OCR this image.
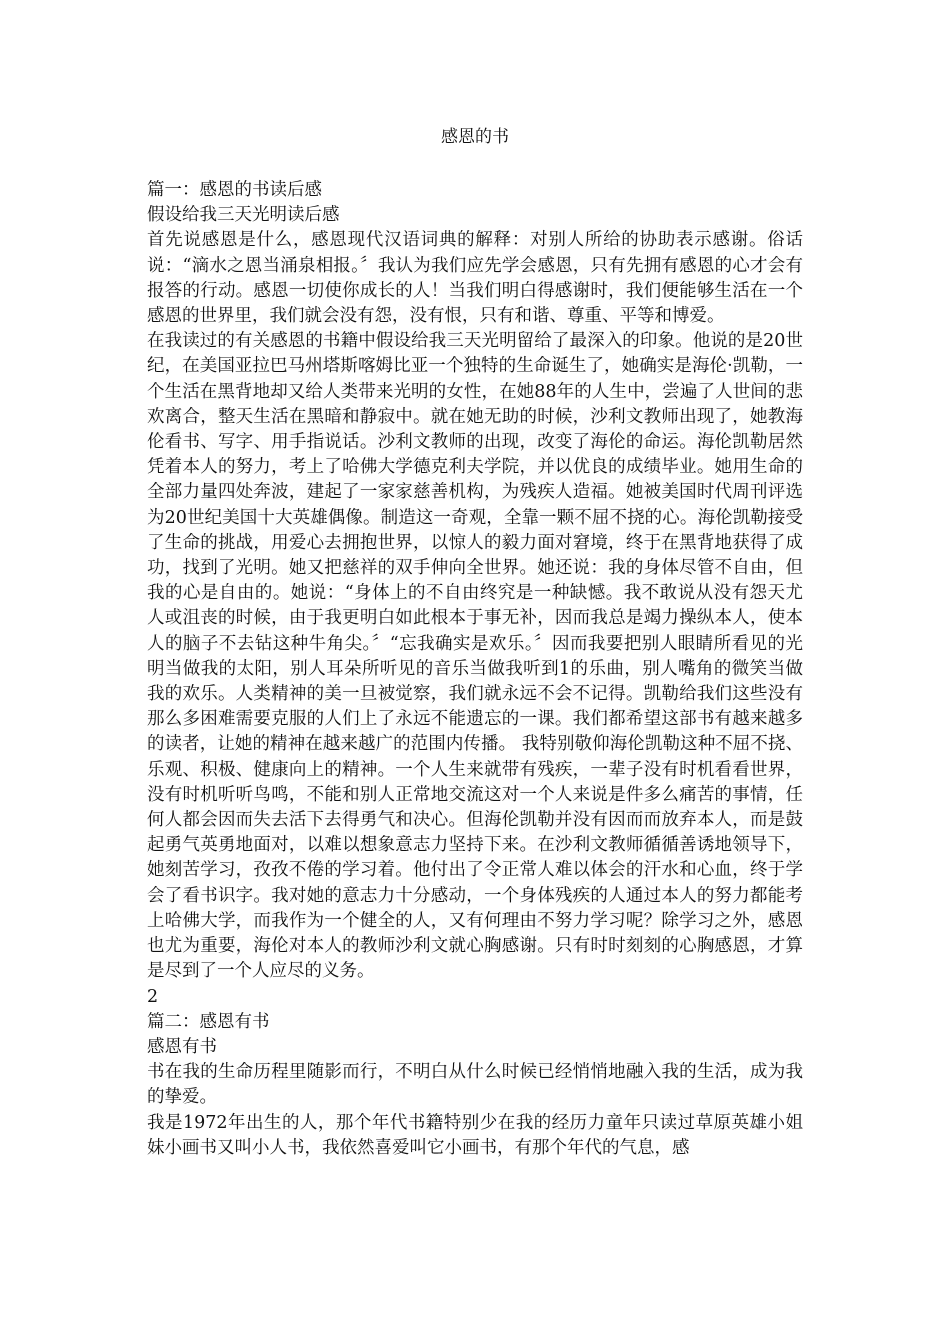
感恩的书

篇一：感恩的书读后感

假设给我三天光明读后感

首先说感恩是什么，感恩现代汉语词典的解释：对别人所给的协助表示感谢。俗话说：“滴水之恩当涌泉相报。〞我认为我们应先学会感恩，只有先拥有感恩的心才会有报答的行动。感恩一切使你成长的人！当我们明白得感谢时，我们便能够生活在一个感恩的世界里，我们就会没有怨，没有恨，只有和谐、尊重、平等和博爱。

在我读过的有关感恩的书籍中假设给我三天光明留给了最深入的印象。他说的是20世纪，在美国亚拉巴马州塔斯喀姆比亚一个独特的生命诞生了，她确实是海伦·凯勒，一个生活在黑背地却又给人类带来光明的女性，在她88年的人生中，尝遍了人世间的悲欢离合，整天生活在黑暗和静寂中。就在她无助的时候，沙利文教师出现了，她教海伦看书、写字、用手指说话。沙利文教师的出现，改变了海伦的命运。海伦凯勒居然凭着本人的努力，考上了哈佛大学德克利夫学院，并以优良的成绩毕业。她用生命的全部力量四处奔波，建起了一家家慈善机构，为残疾人造福。她被美国时代周刊评选为20世纪美国十大英雄偶像。制造这一奇观，全靠一颗不屈不挠的心。海伦凯勒接受了生命的挑战，用爱心去拥抱世界，以惊人的毅力面对窘境，终于在黑背地获得了成功，找到了光明。她又把慈祥的双手伸向全世界。她还说：我的身体尽管不自由，但我的心是自由的。她说：“身体上的不自由终究是一种缺憾。我不敢说从没有怨天尤人或沮丧的时候，由于我更明白如此根本于事无补，因而我总是竭力操纵本人，使本人的脑子不去钻这种牛角尖。〞“忘我确实是欢乐。〞因而我要把别人眼睛所看见的光明当做我的太阳，别人耳朵所听见的音乐当做我听到1的乐曲，别人嘴角的微笑当做我的欢乐。人类精神的美一旦被觉察，我们就永远不会不记得。凯勒给我们这些没有那么多困难需要克服的人们上了永远不能遗忘的一课。我们都希望这部书有越来越多的读者，让她的精神在越来越广的范围内传播。 我特别敬仰海伦凯勒这种不屈不挠、乐观、积极、健康向上的精神。一个人生来就带有残疾，一辈子没有时机看看世界，没有时机听听鸟鸣，不能和别人正常地交流这对一个人来说是件多么痛苦的事情，任何人都会因而失去活下去得勇气和决心。但海伦凯勒并没有因而而放弃本人，而是鼓起勇气英勇地面对，以难以想象意志力坚持下来。在沙利文教师循循善诱地领导下，她刻苦学习，孜孜不倦的学习着。他付出了令正常人难以体会的汗水和心血，终于学会了看书识字。我对她的意志力十分感动，一个身体残疾的人通过本人的努力都能考上哈佛大学，而我作为一个健全的人，又有何理由不努力学习呢？除学习之外，感恩也尤为重要，海伦对本人的教师沙利文就心胸感谢。只有时时刻刻的心胸感恩，才算是尽到了一个人应尽的义务。

2

篇二：感恩有书

感恩有书

书在我的生命历程里随影而行，不明白从什么时候已经悄悄地融入我的生活，成为我的挚爱。

我是1972年出生的人，那个年代书籍特别少在我的经历力童年只读过草原英雄小姐妹小画书又叫小人书，我依然喜爱叫它小画书，有那个年代的气息，感
